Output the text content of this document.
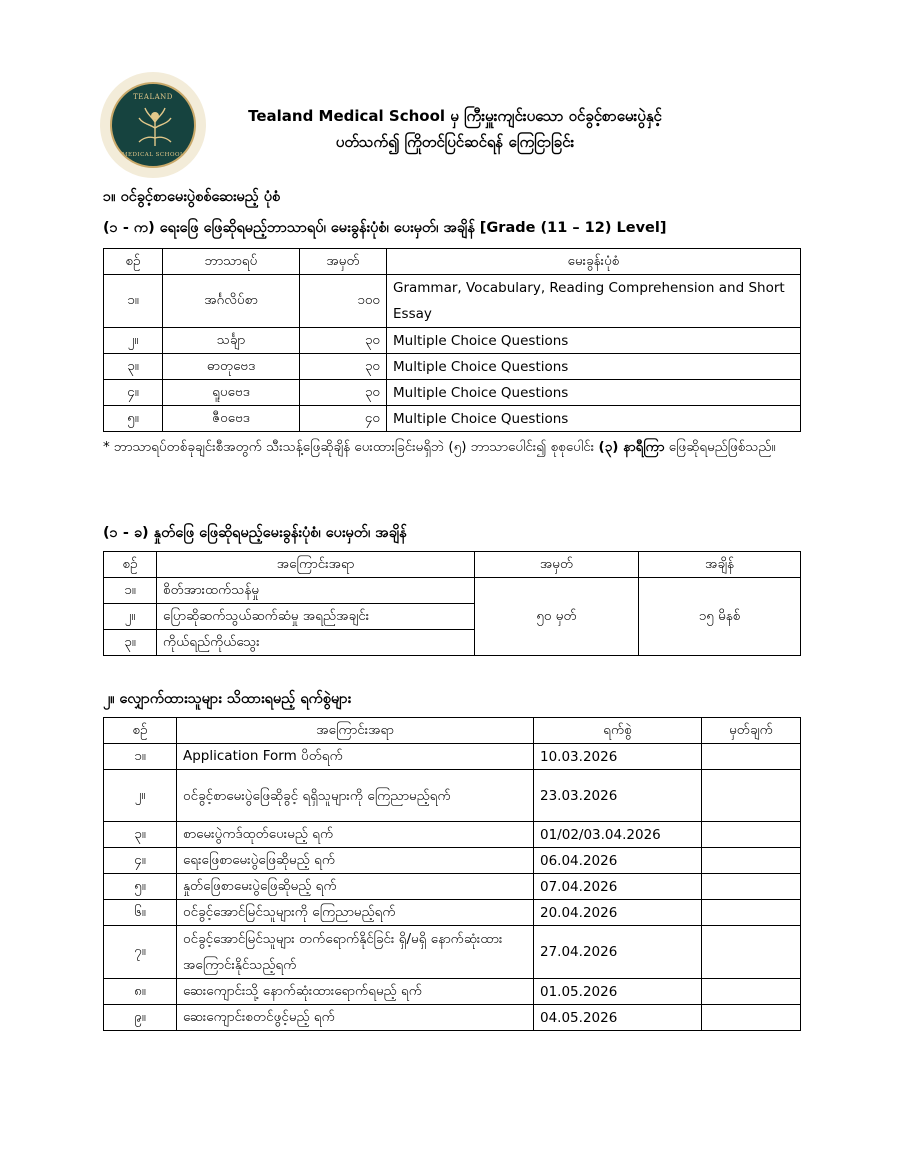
TEALAND
MEDICAL SCHOOL
Tealand Medical School မှ ကြီးမှူးကျင်းပသော ဝင်ခွင့်စာမေးပွဲနှင့်
ပတ်သက်၍ ကြိုတင်ပြင်ဆင်ရန် ကြေငြာခြင်း
၁။ ဝင်ခွင့်စာမေးပွဲစစ်ဆေးမည့် ပုံစံ
(၁ - က) ရေးဖြေ ဖြေဆိုရမည့်ဘာသာရပ်၊ မေးခွန်းပုံစံ၊ ပေးမှတ်၊ အချိန် [Grade (11 – 12) Level]
စဉ်	ဘာသာရပ်	အမှတ်	မေးခွန်းပုံစံ
၁။	အင်္ဂလိပ်စာ	၁၀၀	Grammar, Vocabulary, Reading Comprehension and Short Essay
၂။	သင်္ချာ	၃၀	Multiple Choice Questions
၃။	ဓာတုဗေဒ	၃၀	Multiple Choice Questions
၄။	ရူပဗေဒ	၃၀	Multiple Choice Questions
၅။	ဇီဝဗေဒ	၄၀	Multiple Choice Questions
* ဘာသာရပ်တစ်ခုချင်းစီအတွက် သီးသန့်ဖြေဆိုချိန် ပေးထားခြင်းမရှိဘဲ (၅) ဘာသာပေါင်း၍ စုစုပေါင်း (၃) နာရီကြာ ဖြေဆိုရမည်ဖြစ်သည်။
(၁ - ခ) နှုတ်ဖြေ ဖြေဆိုရမည့်မေးခွန်းပုံစံ၊ ပေးမှတ်၊ အချိန်
စဉ်	အကြောင်းအရာ	အမှတ်	အချိန်
၁။	စိတ်အားထက်သန်မှု	၅၀ မှတ်	၁၅ မိနစ်
၂။	ပြောဆိုဆက်သွယ်ဆက်ဆံမှု အရည်အချင်း		
၃။	ကိုယ်ရည်ကိုယ်သွေး		
၂။ လျှောက်ထားသူများ သိထားရမည့် ရက်စွဲများ
စဉ်	အကြောင်းအရာ	ရက်စွဲ	မှတ်ချက်
၁။	Application Form ပိတ်ရက်	10.03.2026	
၂။	ဝင်ခွင့်စာမေးပွဲဖြေဆိုခွင့် ရရှိသူများကို ကြေညာမည့်ရက်	23.03.2026	
၃။	စာမေးပွဲကဒ်ထုတ်ပေးမည့် ရက်	01/02/03.04.2026	
၄။	ရေးဖြေစာမေးပွဲဖြေဆိုမည့် ရက်	06.04.2026	
၅။	နှုတ်ဖြေစာမေးပွဲဖြေဆိုမည့် ရက်	07.04.2026	
၆။	ဝင်ခွင့်အောင်မြင်သူများကို ကြေညာမည့်ရက်	20.04.2026	
၇။	ဝင်ခွင့်အောင်မြင်သူများ တက်ရောက်နိုင်ခြင်း ရှိ/မရှိ နောက်ဆုံးထားအကြောင်းနိုင်သည့်ရက်	27.04.2026	
၈။	ဆေးကျောင်းသို့ နောက်ဆုံးထားရောက်ရမည့် ရက်	01.05.2026	
၉။	ဆေးကျောင်းစတင်ဖွင့်မည့် ရက်	04.05.2026	
